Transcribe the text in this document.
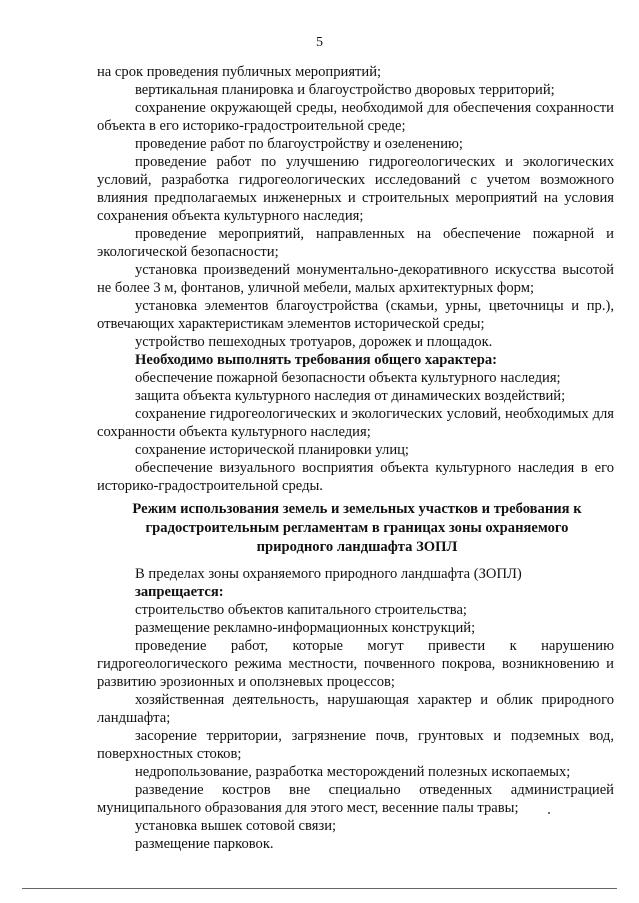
5

на срок проведения публичных мероприятий;

вертикальная планировка и благоустройство дворовых территорий;

сохранение окружающей среды, необходимой для обеспечения сохранности объекта в его историко-градостроительной среде;

проведение работ по благоустройству и озеленению;

проведение работ по улучшению гидрогеологических и экологических условий, разработка гидрогеологических исследований с учетом возможного влияния предполагаемых инженерных и строительных мероприятий на условия сохранения объекта культурного наследия;

проведение мероприятий, направленных на обеспечение пожарной и экологической безопасности;

установка произведений монументально-декоративного искусства высотой не более 3 м, фонтанов, уличной мебели, малых архитектурных форм;

установка элементов благоустройства (скамьи, урны, цветочницы и пр.), отвечающих характеристикам элементов исторической среды;

устройство пешеходных тротуаров, дорожек и площадок.

Необходимо выполнять требования общего характера:

обеспечение пожарной безопасности объекта культурного наследия;

защита объекта культурного наследия от динамических воздействий;

сохранение гидрогеологических и экологических условий, необходимых для сохранности объекта культурного наследия;

сохранение исторической планировки улиц;

обеспечение визуального восприятия объекта культурного наследия в его историко-градостроительной среды.

Режим использования земель и земельных участков и требования к
градостроительным регламентам в границах зоны охраняемого
природного ландшафта ЗОПЛ

В пределах зоны охраняемого природного ландшафта (ЗОПЛ)

запрещается:

строительство объектов капитального строительства;

размещение рекламно-информационных конструкций;

проведение работ, которые могут привести к нарушению гидрогеологического режима местности, почвенного покрова, возникновению и развитию эрозионных и оползневых процессов;

хозяйственная деятельность, нарушающая характер и облик природного ландшафта;

засорение территории, загрязнение почв, грунтовых и подземных вод, поверхностных стоков;

недропользование, разработка месторождений полезных ископаемых;

разведение костров вне специально отведенных администрацией муниципального образования для этого мест, весенние палы травы;

установка вышек сотовой связи;

размещение парковок.
